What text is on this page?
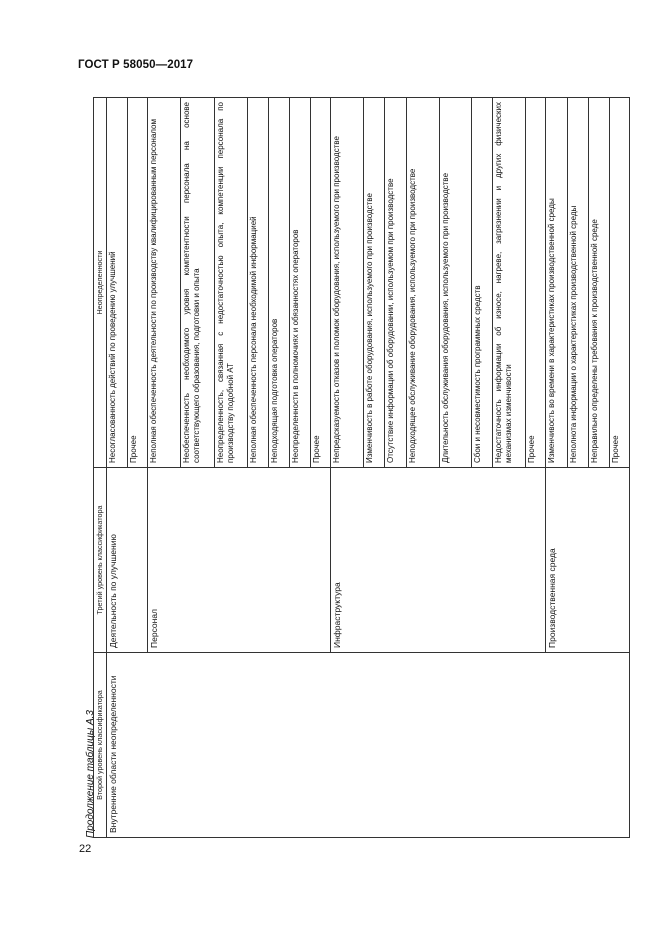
ГОСТ Р 58050—2017
22
Продолжение таблицы А.3 Второй уровень классификатора	Третий уровень классификатора	Неопределенности
Внутренние области неопределенности	Деятельность по улучшению	Несогласованность действий по проведению улучшений
		Прочее
	Персонал	Неполная обеспеченность деятельности по производству квалифицированным персоналом
		Необеспеченность необходимого уровня компетентности персонала на основе соответствующего образования, подготовки и опыта
		Неопределенность, связанная с недостаточностью опыта, компетенции персонала по производству подобной АТ
		Неполная обеспеченность персонала необходимой информацией
		Неподходящая подготовка операторов
		Неопределенности в полномочиях и обязанностях операторов
		Прочее
	Инфраструктура	Непредсказуемость отказов и поломок оборудования, используемого при производстве
		Изменчивость в работе оборудования, используемого при производстве
		Отсутствие информации об оборудовании, используемом при производстве
		Неподходящее обслуживание оборудования, используемого при производстве
		Длительность обслуживания оборудования, используемого при производстве
		Сбои и несовместимость программных средств
		Недостаточность информации об износе, нагреве, загрязнении и других физических механизмах изменчивости
		Прочее
	Производственная среда	Изменчивость во времени в характеристиках производственной среды
		Неполнота информации о характеристиках производственной среды
		Неправильно определены требования к производственной среде
		Прочее
